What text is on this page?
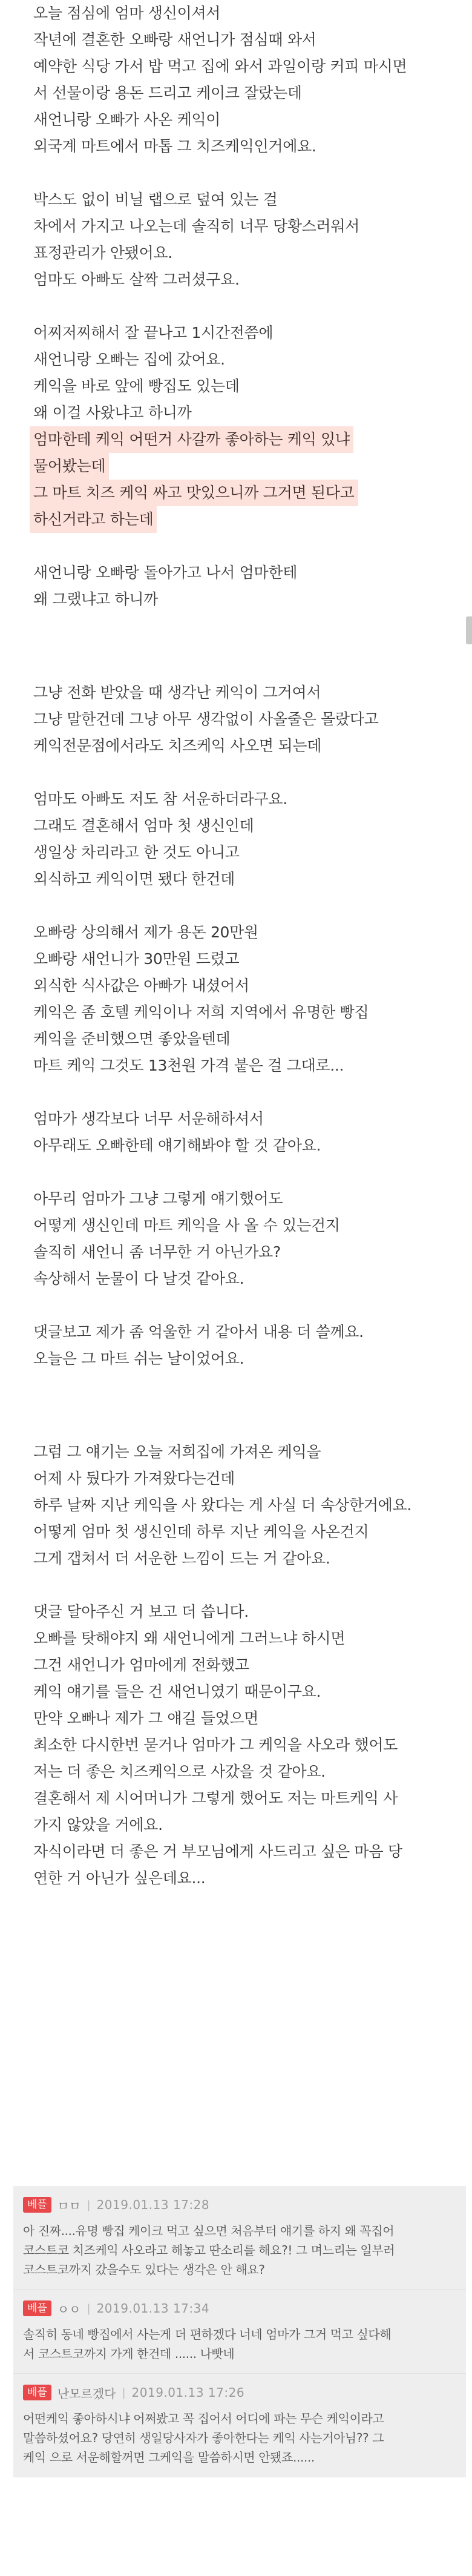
오늘 점심에 엄마 생신이셔서
작년에 결혼한 오빠랑 새언니가 점심때 와서
예약한 식당 가서 밥 먹고 집에 와서 과일이랑 커피 마시면
서 선물이랑 용돈 드리고 케이크 잘랐는데
새언니랑 오빠가 사온 케익이
외국계 마트에서 마톱 그 치즈케익인거에요.
박스도 없이 비닐 랩으로 덮여 있는 걸
차에서 가지고 나오는데 솔직히 너무 당황스러워서
표정관리가 안됐어요.
엄마도 아빠도 살짝 그러셨구요.
어찌저찌해서 잘 끝나고 1시간전쯤에
새언니랑 오빠는 집에 갔어요.
케익을 바로 앞에 빵집도 있는데
왜 이걸 사왔냐고 하니까
엄마한테 케익 어떤거 사갈까 좋아하는 케익 있냐
물어봤는데
그 마트 치즈 케익 싸고 맛있으니까 그거면 된다고
하신거라고 하는데
새언니랑 오빠랑 돌아가고 나서 엄마한테
왜 그랬냐고 하니까
그냥 전화 받았을 때 생각난 케익이 그거여서
그냥 말한건데 그냥 아무 생각없이 사올줄은 몰랐다고
케익전문점에서라도 치즈케익 사오면 되는데
엄마도 아빠도 저도 참 서운하더라구요.
그래도 결혼해서 엄마 첫 생신인데
생일상 차리라고 한 것도 아니고
외식하고 케익이면 됐다 한건데
오빠랑 상의해서 제가 용돈 20만원
오빠랑 새언니가 30만원 드렸고
외식한 식사값은 아빠가 내셨어서
케익은 좀 호텔 케익이나 저희 지역에서 유명한 빵집
케익을 준비했으면 좋았을텐데
마트 케익 그것도 13천원 가격 붙은 걸 그대로...
엄마가 생각보다 너무 서운해하셔서
아무래도 오빠한테 얘기해봐야 할 것 같아요.
아무리 엄마가 그냥 그렇게 얘기했어도
어떻게 생신인데 마트 케익을 사 올 수 있는건지
솔직히 새언니 좀 너무한 거 아닌가요?
속상해서 눈물이 다 날것 같아요.
댓글보고 제가 좀 억울한 거 같아서 내용 더 쓸께요.
오늘은 그 마트 쉬는 날이었어요.
그럼 그 얘기는 오늘 저희집에 가져온 케익을
어제 사 뒀다가 가져왔다는건데
하루 날짜 지난 케익을 사 왔다는 게 사실 더 속상한거에요.
어떻게 엄마 첫 생신인데 하루 지난 케익을 사온건지
그게 갭쳐서 더 서운한 느낌이 드는 거 같아요.
댓글 달아주신 거 보고 더 씁니다.
오빠를 탓해야지 왜 새언니에게 그러느냐 하시면
그건 새언니가 엄마에게 전화했고
케익 얘기를 들은 건 새언니였기 때문이구요.
만약 오빠나 제가 그 얘길 들었으면
최소한 다시한번 묻거나 엄마가 그 케익을 사오라 했어도
저는 더 좋은 치즈케익으로 사갔을 것 같아요.
결혼해서 제 시어머니가 그렇게 했어도 저는 마트케익 사
가지 않았을 거에요.
자식이라면 더 좋은 거 부모님에게 사드리고 싶은 마음 당
연한 거 아닌가 싶은데요...
베플 ㅁㅁ | 2019.01.13 17:28
아 진짜....유명 빵집 케이크 먹고 싶으면 처음부터 얘기를 하지 왜 꼭집어
코스트코 치즈케익 사오라고 해놓고 딴소리를 해요?! 그 며느리는 일부러
코스트코까지 갔을수도 있다는 생각은 안 해요?
베플 ㅇㅇ | 2019.01.13 17:34
솔직히 동네 빵집에서 사는게 더 편하겠다 너네 엄마가 그거 먹고 싶다해
서 코스트코까지 가게 한건데 ...... 나빳네
베플 난모르겠다 | 2019.01.13 17:26
어떤케익 좋아하시냐 어쩌봤고 꼭 집어서 어디에 파는 무슨 케익이라고
말씀하셨어요? 당연히 생일당사자가 좋아한다는 케익 사는거아님?? 그
케익 으로 서운해할꺼면 그케익을 말씀하시면 안됐죠......
